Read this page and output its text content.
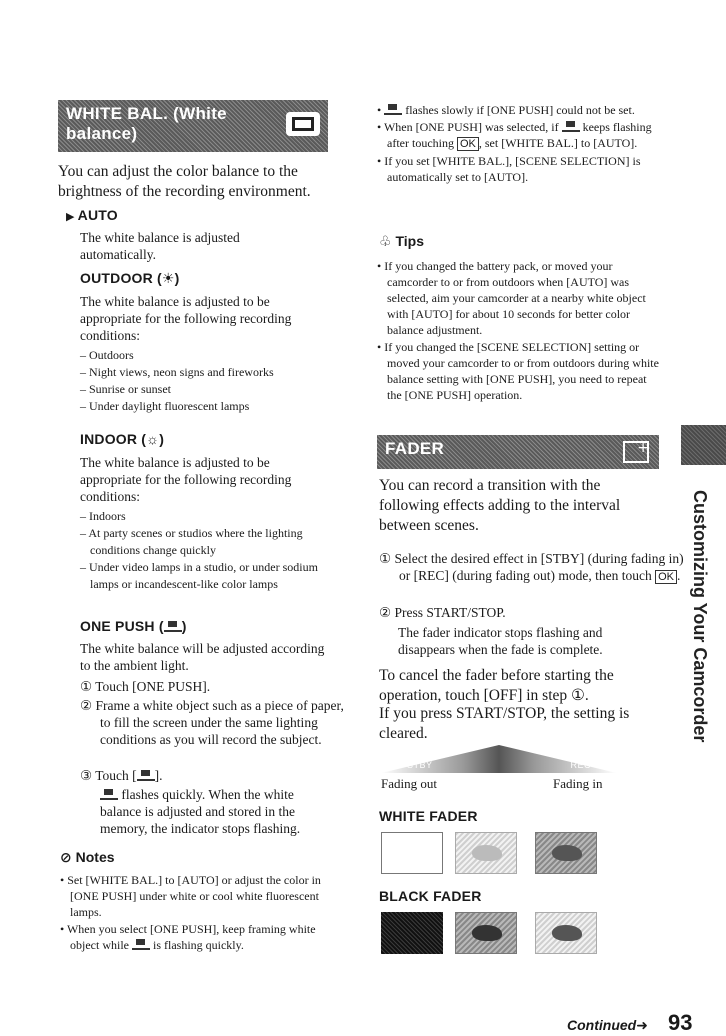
WHITE BAL. (White balance)
You can adjust the color balance to the brightness of the recording environment.
▶ AUTO
The white balance is adjusted automatically.
OUTDOOR (☀)
The white balance is adjusted to be appropriate for the following recording conditions:
– Outdoors
– Night views, neon signs and fireworks
– Sunrise or sunset
– Under daylight fluorescent lamps
INDOOR (☼)
The white balance is adjusted to be appropriate for the following recording conditions:
– Indoors
– At party scenes or studios where the lighting conditions change quickly
– Under video lamps in a studio, or under sodium lamps or incandescent-like color lamps
ONE PUSH ( )
The white balance will be adjusted according to the ambient light.
① Touch [ONE PUSH].
② Frame a white object such as a piece of paper, to fill the screen under the same lighting conditions as you will record the subject.
③ Touch [ ].
flashes quickly. When the white balance is adjusted and stored in the memory, the indicator stops flashing.
⊘ Notes
• Set [WHITE BAL.] to [AUTO] or adjust the color in [ONE PUSH] under white or cool white fluorescent lamps.
• When you select [ONE PUSH], keep framing white object while is flashing quickly.
• flashes slowly if [ONE PUSH] could not be set.
• When [ONE PUSH] was selected, if keeps flashing after touching OK , set [WHITE BAL.] to [AUTO].
• If you set [WHITE BAL.], [SCENE SELECTION] is automatically set to [AUTO].
♧ Tips
• If you changed the battery pack, or moved your camcorder to or from outdoors when [AUTO] was selected, aim your camcorder at a nearby white object with [AUTO] for about 10 seconds for better color balance adjustment.
• If you changed the [SCENE SELECTION] setting or moved your camcorder to or from outdoors during white balance setting with [ONE PUSH], you need to repeat the [ONE PUSH] operation.
FADER	+
You can record a transition with the following effects adding to the interval between scenes.
① Select the desired effect in [STBY] (during fading in) or [REC] (during fading out) mode, then touch OK .
② Press START/STOP.
The fader indicator stops flashing and disappears when the fade is complete.
To cancel the fader before starting the operation, touch [OFF] in step ①.
If you press START/STOP, the setting is cleared.
STBY	REC
Fading out	Fading in
WHITE FADER
BLACK FADER
Customizing Your Camcorder
Continued➜ 93
